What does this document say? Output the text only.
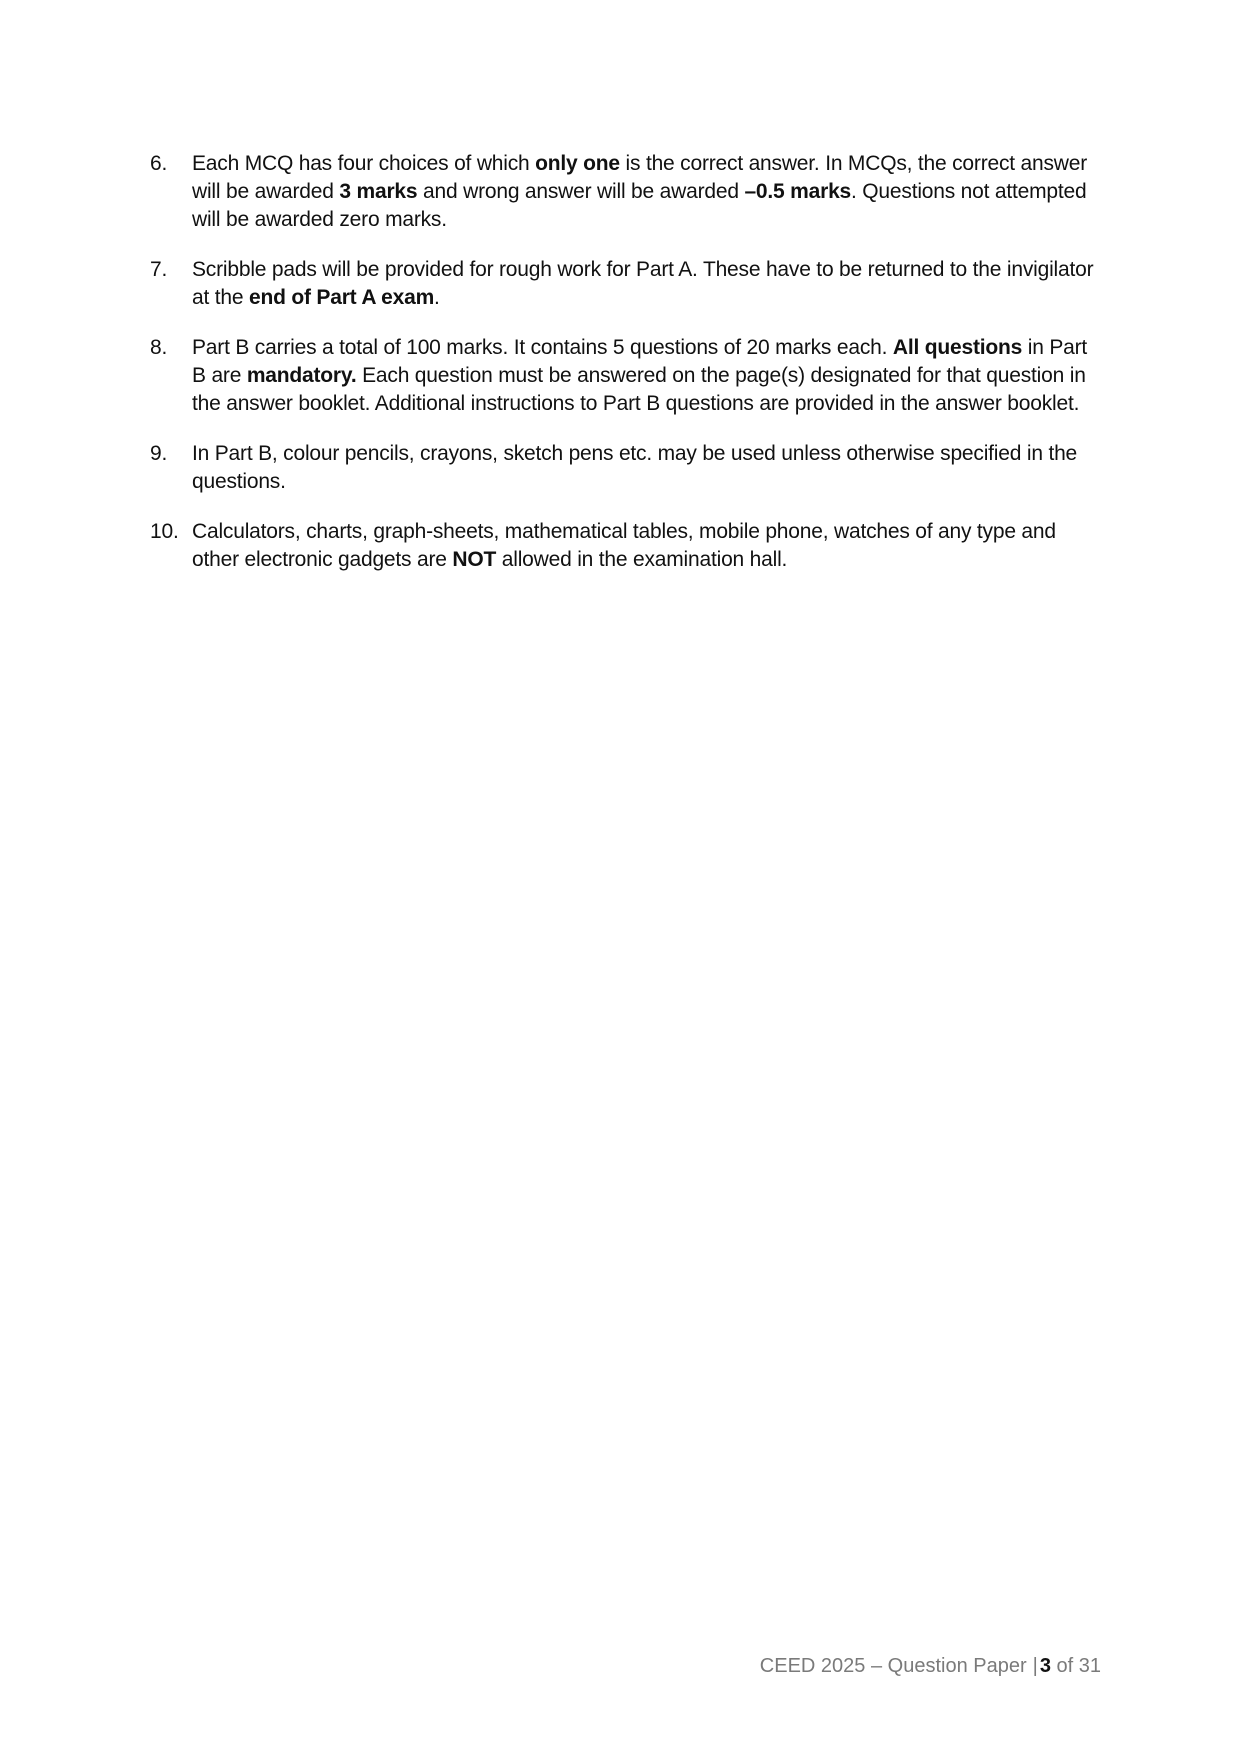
6.	Each MCQ has four choices of which only one is the correct answer. In MCQs, the correct answer will be awarded 3 marks and wrong answer will be awarded –0.5 marks. Questions not attempted will be awarded zero marks.
7.	Scribble pads will be provided for rough work for Part A. These have to be returned to the invigilator at the end of Part A exam.
8.	Part B carries a total of 100 marks. It contains 5 questions of 20 marks each. All questions in Part B are mandatory. Each question must be answered on the page(s) designated for that question in the answer booklet. Additional instructions to Part B questions are provided in the answer booklet.
9.	In Part B, colour pencils, crayons, sketch pens etc. may be used unless otherwise specified in the questions.
10. Calculators, charts, graph-sheets, mathematical tables, mobile phone, watches of any type and other electronic gadgets are NOT allowed in the examination hall.
CEED 2025 – Question Paper | 3 of 31
